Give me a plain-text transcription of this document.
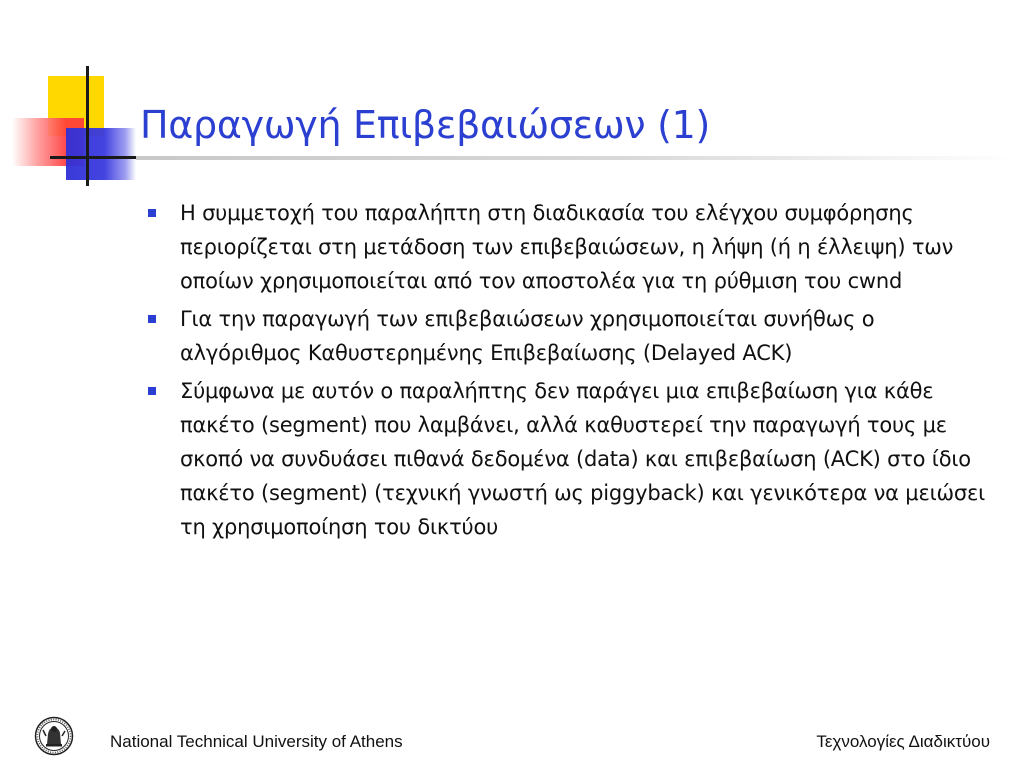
Παραγωγή Επιβεβαιώσεων (1)
Η συμμετοχή του παραλήπτη στη διαδικασία του ελέγχου συμφόρησης περιορίζεται στη μετάδοση των επιβεβαιώσεων, η λήψη (ή η έλλειψη) των οποίων χρησιμοποιείται από τον αποστολέα για τη ρύθμιση του cwnd
Για την παραγωγή των επιβεβαιώσεων χρησιμοποιείται συνήθως ο αλγόριθμος Καθυστερημένης Επιβεβαίωσης (Delayed ACK)
Σύμφωνα με αυτόν ο παραλήπτης δεν παράγει μια επιβεβαίωση για κάθε πακέτο (segment) που λαμβάνει, αλλά καθυστερεί την παραγωγή τους με σκοπό να συνδυάσει πιθανά δεδομένα (data) και επιβεβαίωση (ACK) στο ίδιο πακέτο (segment) (τεχνική γνωστή ως piggyback) και γενικότερα να μειώσει τη χρησιμοποίηση του δικτύου
National Technical University of Athens	Τεχνολογίες Διαδικτύου
